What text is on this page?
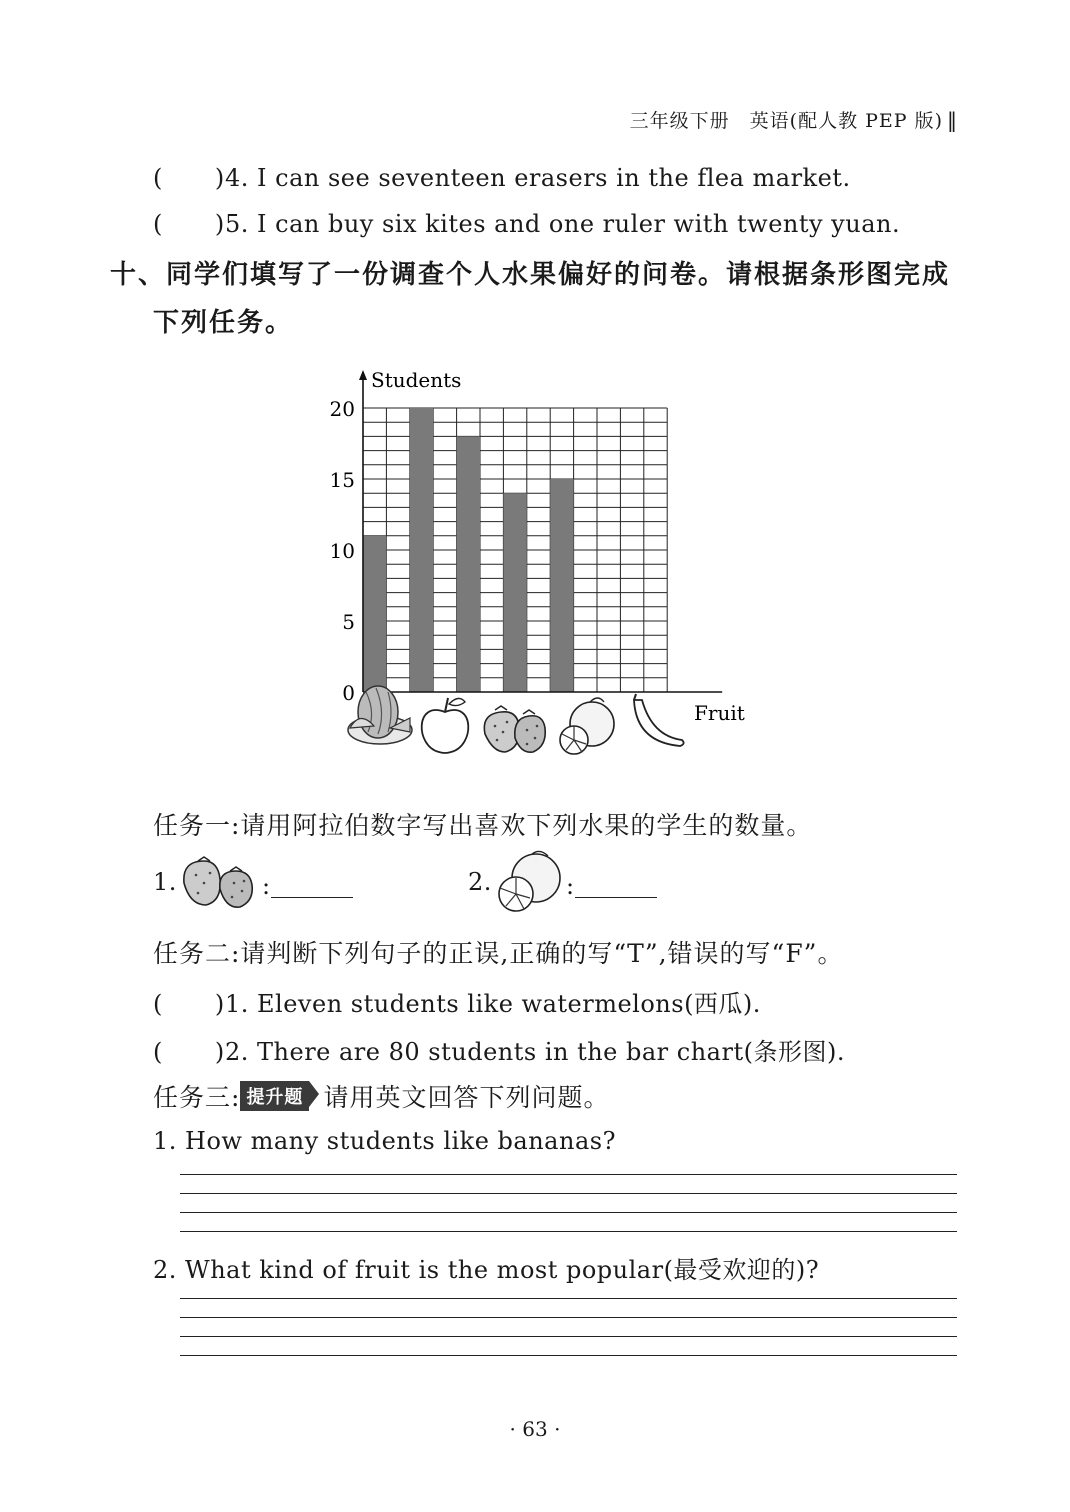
三年级下册　英语(配人教 PEP 版) ‖
( )4. I can see seventeen erasers in the flea market.
( )5. I can buy six kites and one ruler with twenty yuan.
十、同学们填写了一份调查个人水果偏好的问卷。请根据条形图完成
下列任务。
0
5
10
15
20
Students
Fruit
任务一:请用阿拉伯数字写出喜欢下列水果的学生的数量。
1.	:	2.	:
任务二:请判断下列句子的正误,正确的写“T”,错误的写“F”。
( )1. Eleven students like watermelons(西瓜).
( )2. There are 80 students in the bar chart(条形图).
任务三: 提升题 请用英文回答下列问题。
1. How many students like bananas?
2. What kind of fruit is the most popular(最受欢迎的)?
· 63 ·
